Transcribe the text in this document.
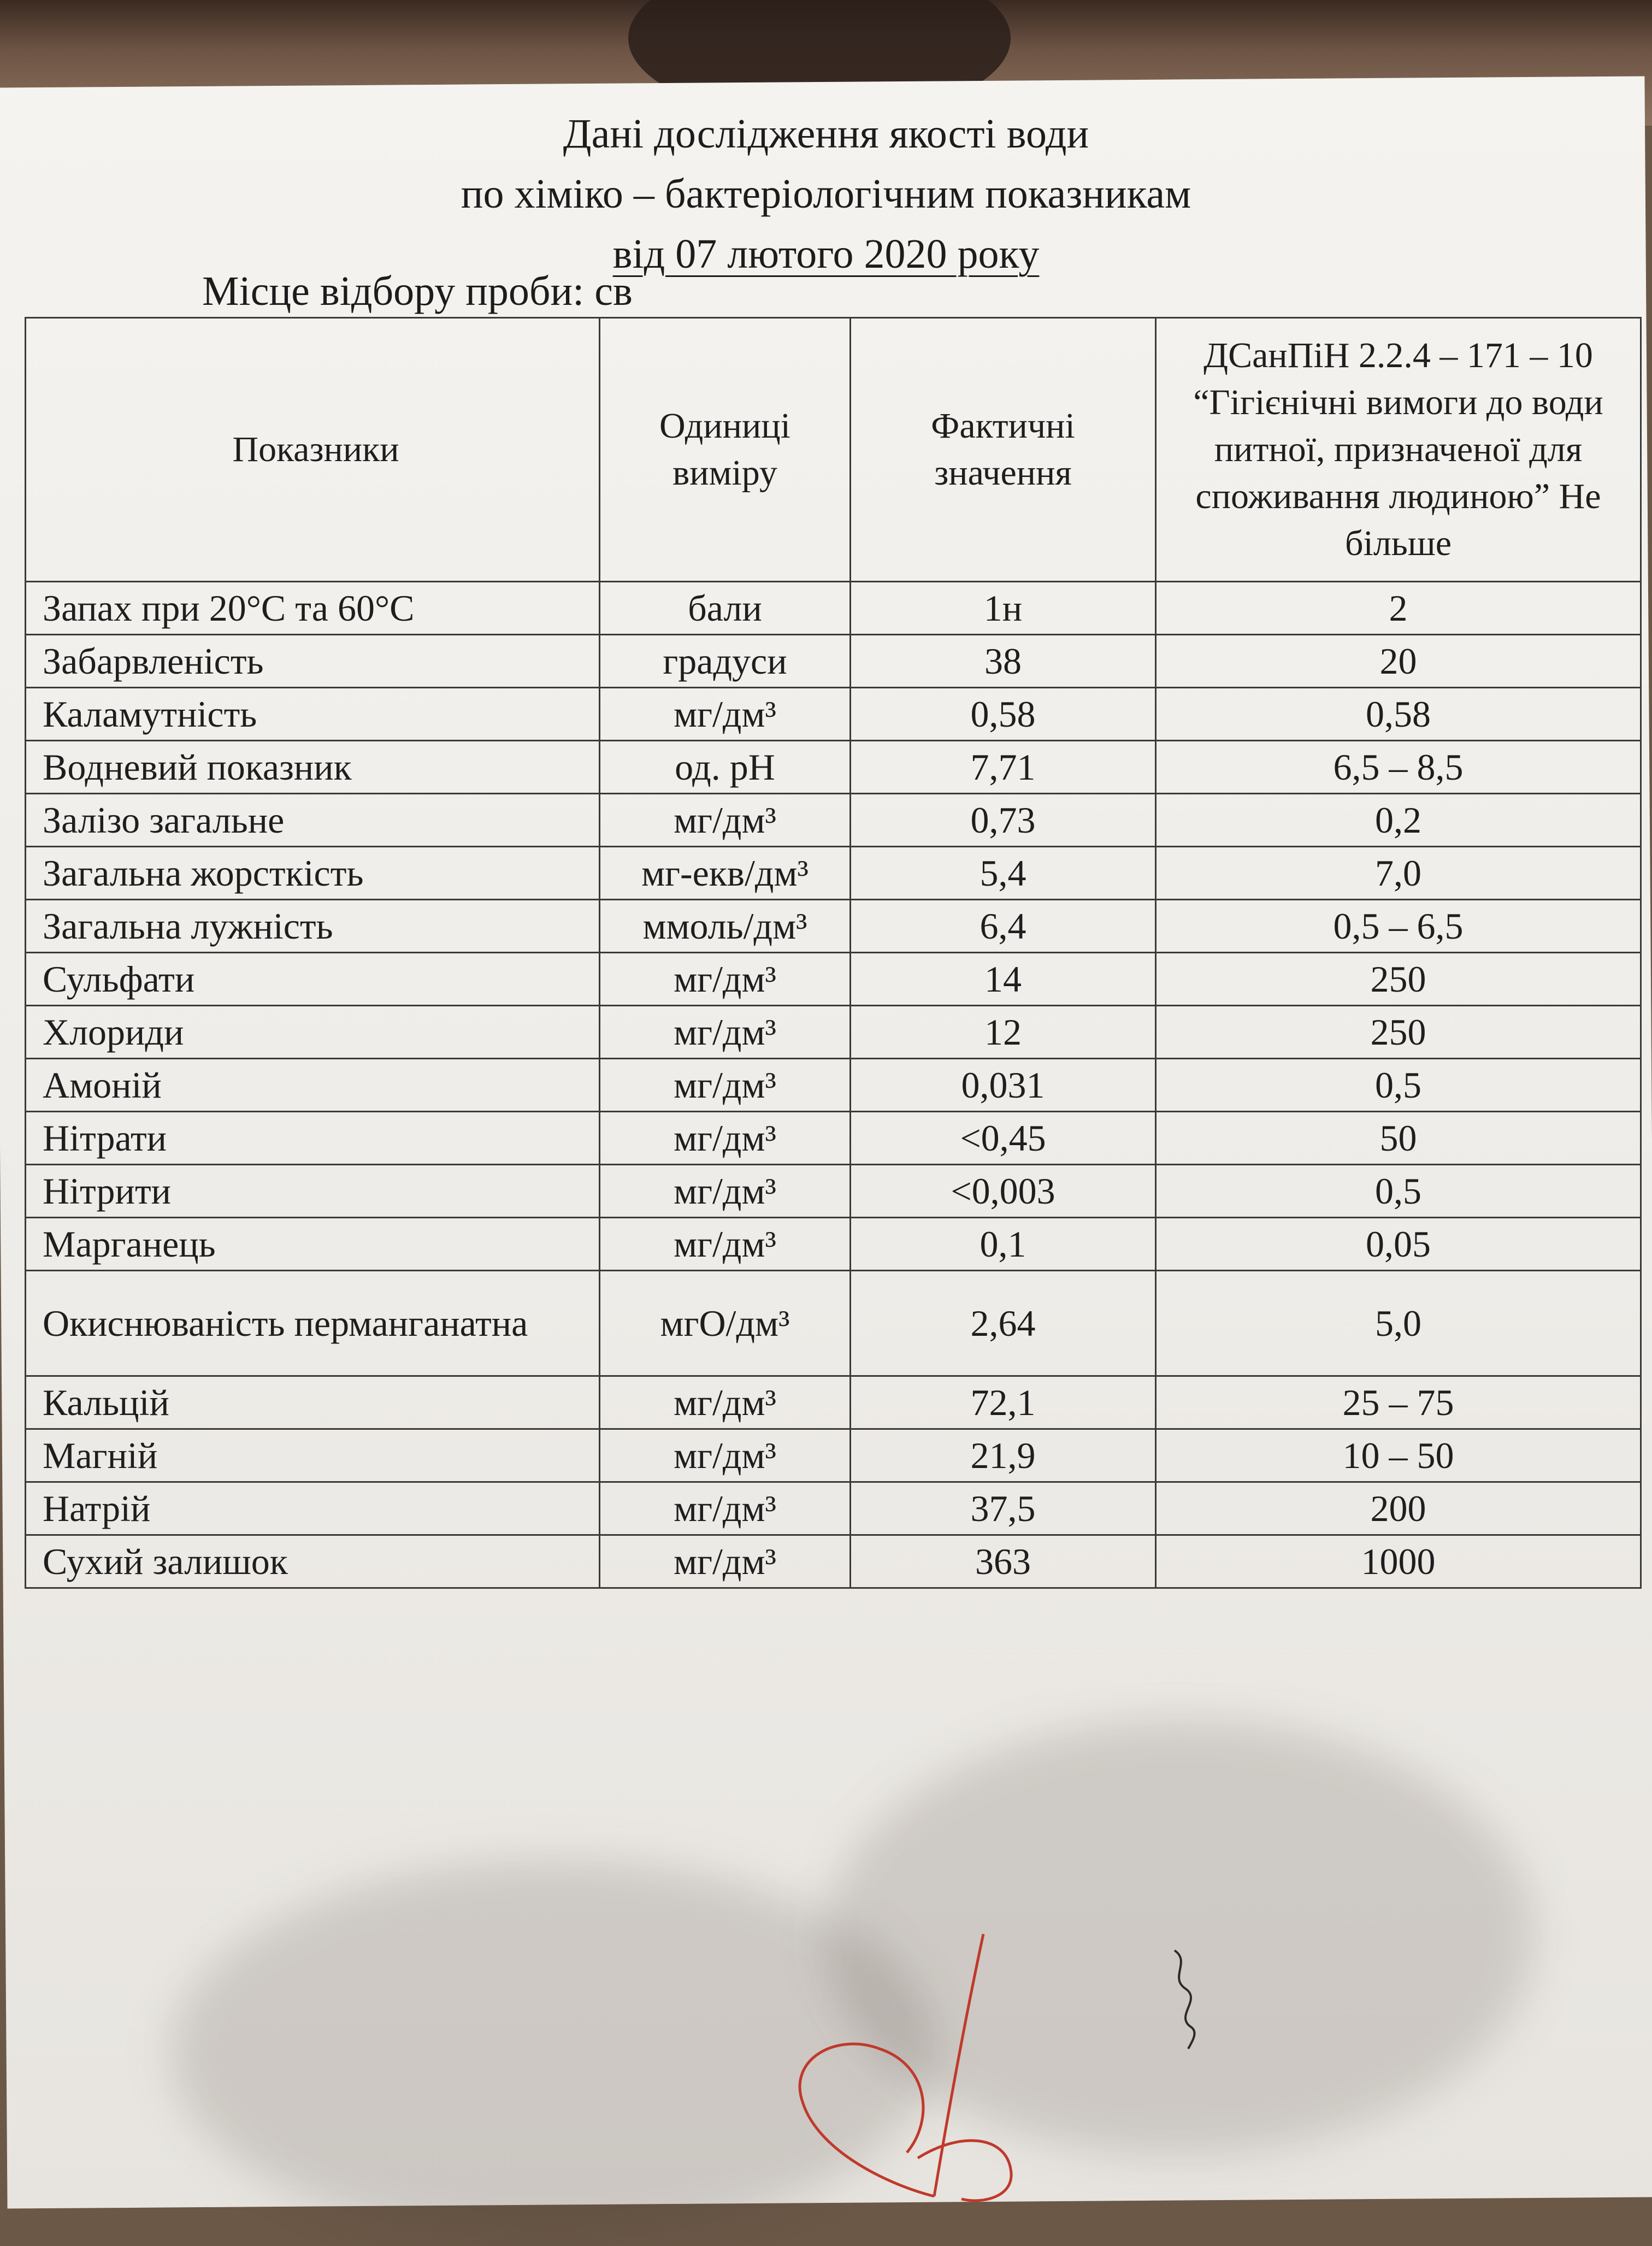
Дані дослідження якості води
по хіміко – бактеріологічним показникам
від 07 лютого 2020 року
Місце відбору проби: св
Показники	Одиниці виміру	Фактичні значення	ДСанПіН 2.2.4 – 171 – 10 “Гігієнічні вимоги до води питної, призначеної для споживання людиною” Не більше
Запах при 20°С та 60°С	бали	1н	2
Забарвленість	градуси	38	20
Каламутність	мг/дм³	0,58	0,58
Водневий показник	од. рН	7,71	6,5 – 8,5
Залізо загальне	мг/дм³	0,73	0,2
Загальна жорсткість	мг-екв/дм³	5,4	7,0
Загальна лужність	ммоль/дм³	6,4	0,5 – 6,5
Сульфати	мг/дм³	14	250
Хлориди	мг/дм³	12	250
Амоній	мг/дм³	0,031	0,5
Нітрати	мг/дм³	<0,45	50
Нітрити	мг/дм³	<0,003	0,5
Марганець	мг/дм³	0,1	0,05
Окиснюваність перманганатна	мгО/дм³	2,64	5,0
Кальцій	мг/дм³	72,1	25 – 75
Магній	мг/дм³	21,9	10 – 50
Натрій	мг/дм³	37,5	200
Сухий залишок	мг/дм³	363	1000
